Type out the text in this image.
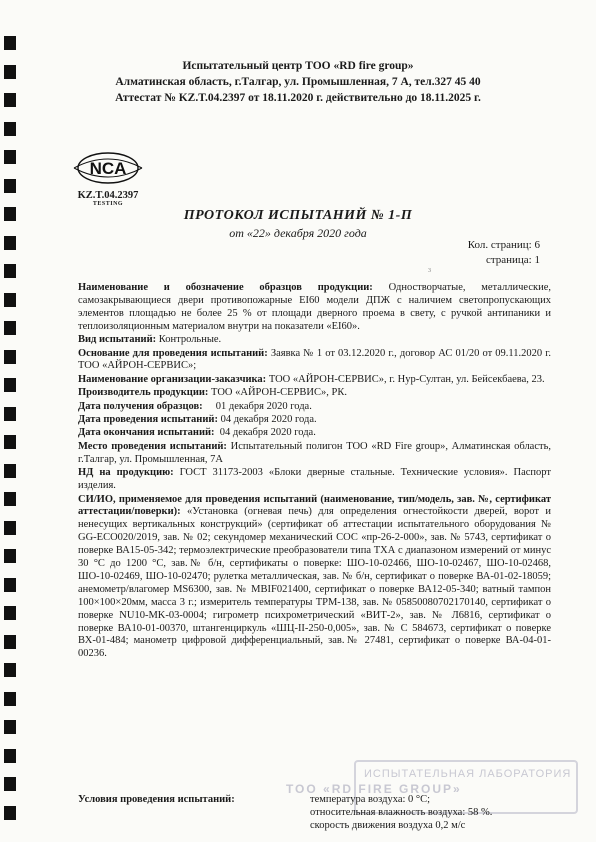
Испытательный центр ТОО «RD fire group»
Алматинская область, г.Талгар, ул. Промышленная, 7 А, тел.327 45 40
Аттестат № KZ.T.04.2397 от 18.11.2020 г. действительно до 18.11.2025 г.
NCA
KZ.T.04.2397
TESTING
ПРОТОКОЛ ИСПЫТАНИЙ № 1-П
от «22» декабря 2020 года
Кол. страниц: 6
страница: 1
3

Наименование и обозначение образцов продукции: Одностворчатые, металлические, самозакрывающиеся двери противопожарные EI60 модели ДПЖ с наличием светопропускающих элементов площадью не более 25 % от площади дверного проема в свету, с ручкой антипаники и теплоизоляционным материалом внутри на показатели «EI60».

Вид испытаний: Контрольные.

Основание для проведения испытаний: Заявка № 1 от 03.12.2020 г., договор АС 01/20 от 09.11.2020 г. ТОО «АЙРОН-СЕРВИС»;

Наименование организации-заказчика: ТОО «АЙРОН-СЕРВИС», г. Нур-Султан, ул. Бейсекбаева, 23.

Производитель продукции: ТОО «АЙРОН-СЕРВИС», РК.

Дата получения образцов:     01 декабря 2020 года.

Дата проведения испытаний: 04 декабря 2020 года.

Дата окончания испытаний:  04 декабря 2020 года.

Место проведения испытаний: Испытательный полигон ТОО «RD Fire group», Алматинская область, г.Талгар, ул. Промышленная, 7А

НД на продукцию: ГОСТ 31173-2003 «Блоки дверные стальные. Технические условия». Паспорт изделия.

СИ/ИО, применяемое для проведения испытаний (наименование, тип/модель, зав. №, сертификат аттестации/поверки): «Установка (огневая печь) для определения огнестойкости дверей, ворот и ненесущих вертикальных конструкций» (сертификат об аттестации испытательного оборудования № GG-ECO020/2019, зав. № 02; секундомер механический СОС «пр-26-2-000», зав. № 5743, сертификат о поверке ВА15-05-342; термоэлектрические преобразователи типа ТХА с диапазоном измерений от минус 30 °С до 1200 °С, зав.№ б/н, сертификаты о поверке: ШО-10-02466, ШО-10-02467, ШО-10-02468, ШО-10-02469, ШО-10-02470; рулетка металлическая, зав. № б/н, сертификат о поверке ВА-01-02-18059; анемометр/влагомер MS6300, зав. № MBIF021400, сертификат о поверке ВА12-05-340; ватный тампон 100×100×20мм, масса 3 г.; измеритель температуры ТРМ-138, зав. № 05850080702170140, сертификат о поверке NU10-MK-03-0004; гигрометр психрометрический «ВИТ-2», зав. № Л6816, сертификат о поверке ВА10-01-00370, штангенциркуль «ШЦ-II-250-0,005», зав. № С 584673, сертификат о поверке ВХ-01-484; манометр цифровой дифференциальный, зав.№ 27481, сертификат о поверке ВА-04-01-00236.

ИСПЫТАТЕЛЬНАЯ ЛАБОРАТОРИЯ
ТОО «RD FIRE GROUP»
Условия проведения испытаний:	температура воздуха: 0 °С;
относительная влажность воздуха: 58 %.
скорость движения воздуха 0,2 м/с
